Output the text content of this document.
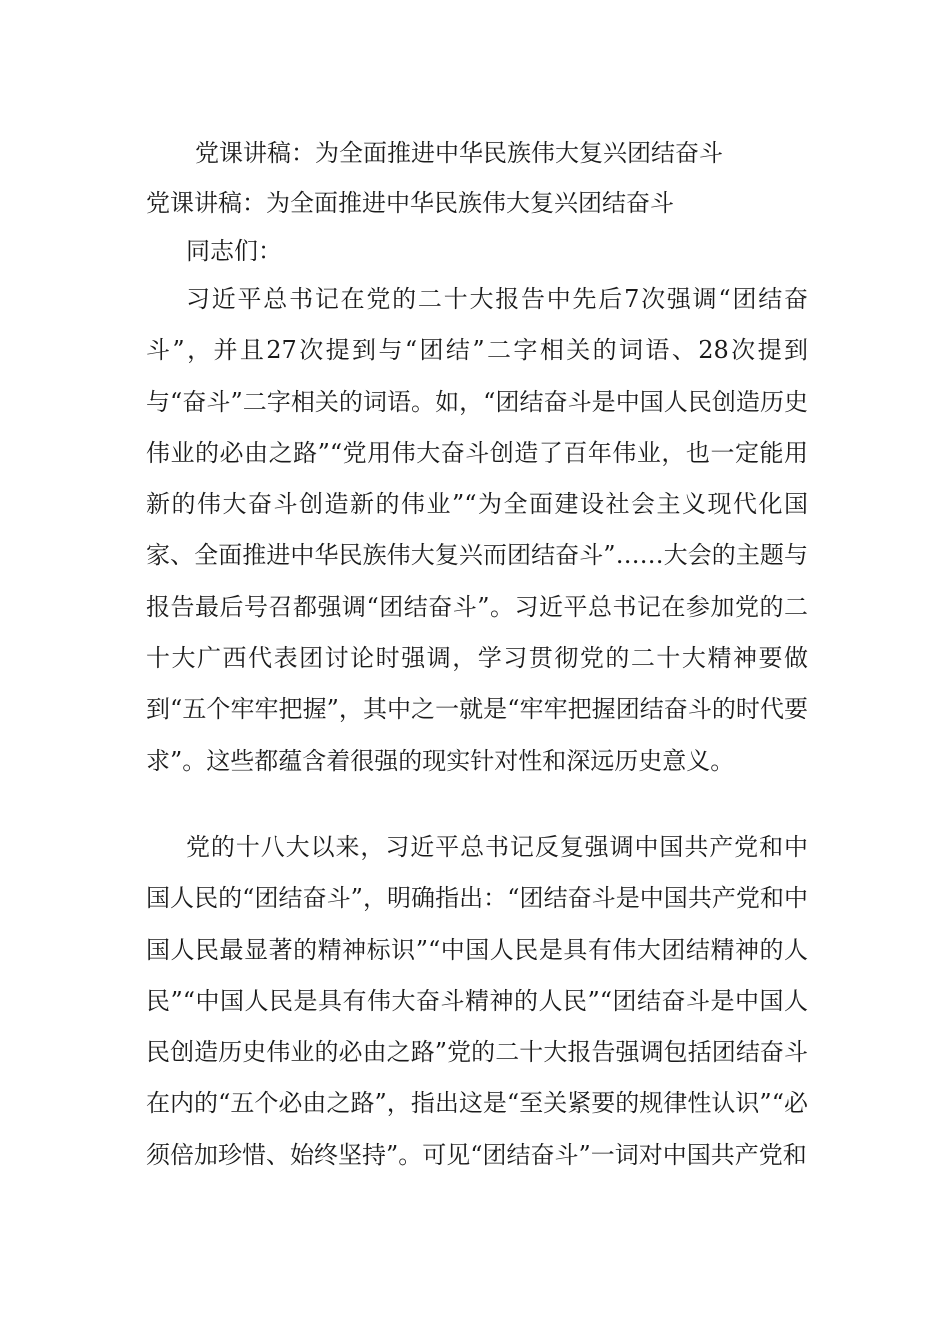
党课讲稿：为全面推进中华民族伟大复兴团结奋斗
党课讲稿：为全面推进中华民族伟大复兴团结奋斗
同志们：

习近平总书记在党的二十大报告中先后7次强调“团结奋斗”，并且27次提到与“团结”二字相关的词语、28次提到与“奋斗”二字相关的词语。如，“团结奋斗是中国人民创造历史伟业的必由之路”“党用伟大奋斗创造了百年伟业，也一定能用新的伟大奋斗创造新的伟业”“为全面建设社会主义现代化国家、全面推进中华民族伟大复兴而团结奋斗”……大会的主题与报告最后号召都强调“团结奋斗”。习近平总书记在参加党的二十大广西代表团讨论时强调，学习贯彻党的二十大精神要做到“五个牢牢把握”，其中之一就是“牢牢把握团结奋斗的时代要求”。这些都蕴含着很强的现实针对性和深远历史意义。

党的十八大以来，习近平总书记反复强调中国共产党和中国人民的“团结奋斗”，明确指出：“团结奋斗是中国共产党和中国人民最显著的精神标识”“中国人民是具有伟大团结精神的人民”“中国人民是具有伟大奋斗精神的人民”“团结奋斗是中国人民创造历史伟业的必由之路”党的二十大报告强调包括团结奋斗在内的“五个必由之路”，指出这是“至关紧要的规律性认识”“必须倍加珍惜、始终坚持”。可见“团结奋斗”一词对中国共产党和
